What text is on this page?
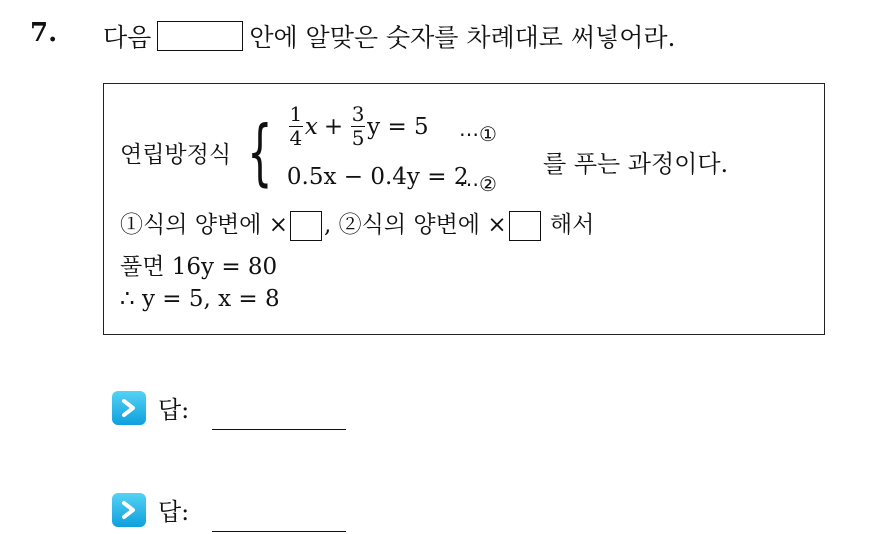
7. 다음	안에 알맞은 숫자를 차례대로 써넣어라.
연립방정식 { $\frac{1}{4}$ $x + \frac{3}{5}$ y = 5
0.5x − 0.4y = 2
⋯①
⋯②
를 푸는 과정이다.
①식의 양변에 × , ②식의 양변에 × 해서
풀면 16y = 80
∴ y = 5, x = 8
답:
답:
